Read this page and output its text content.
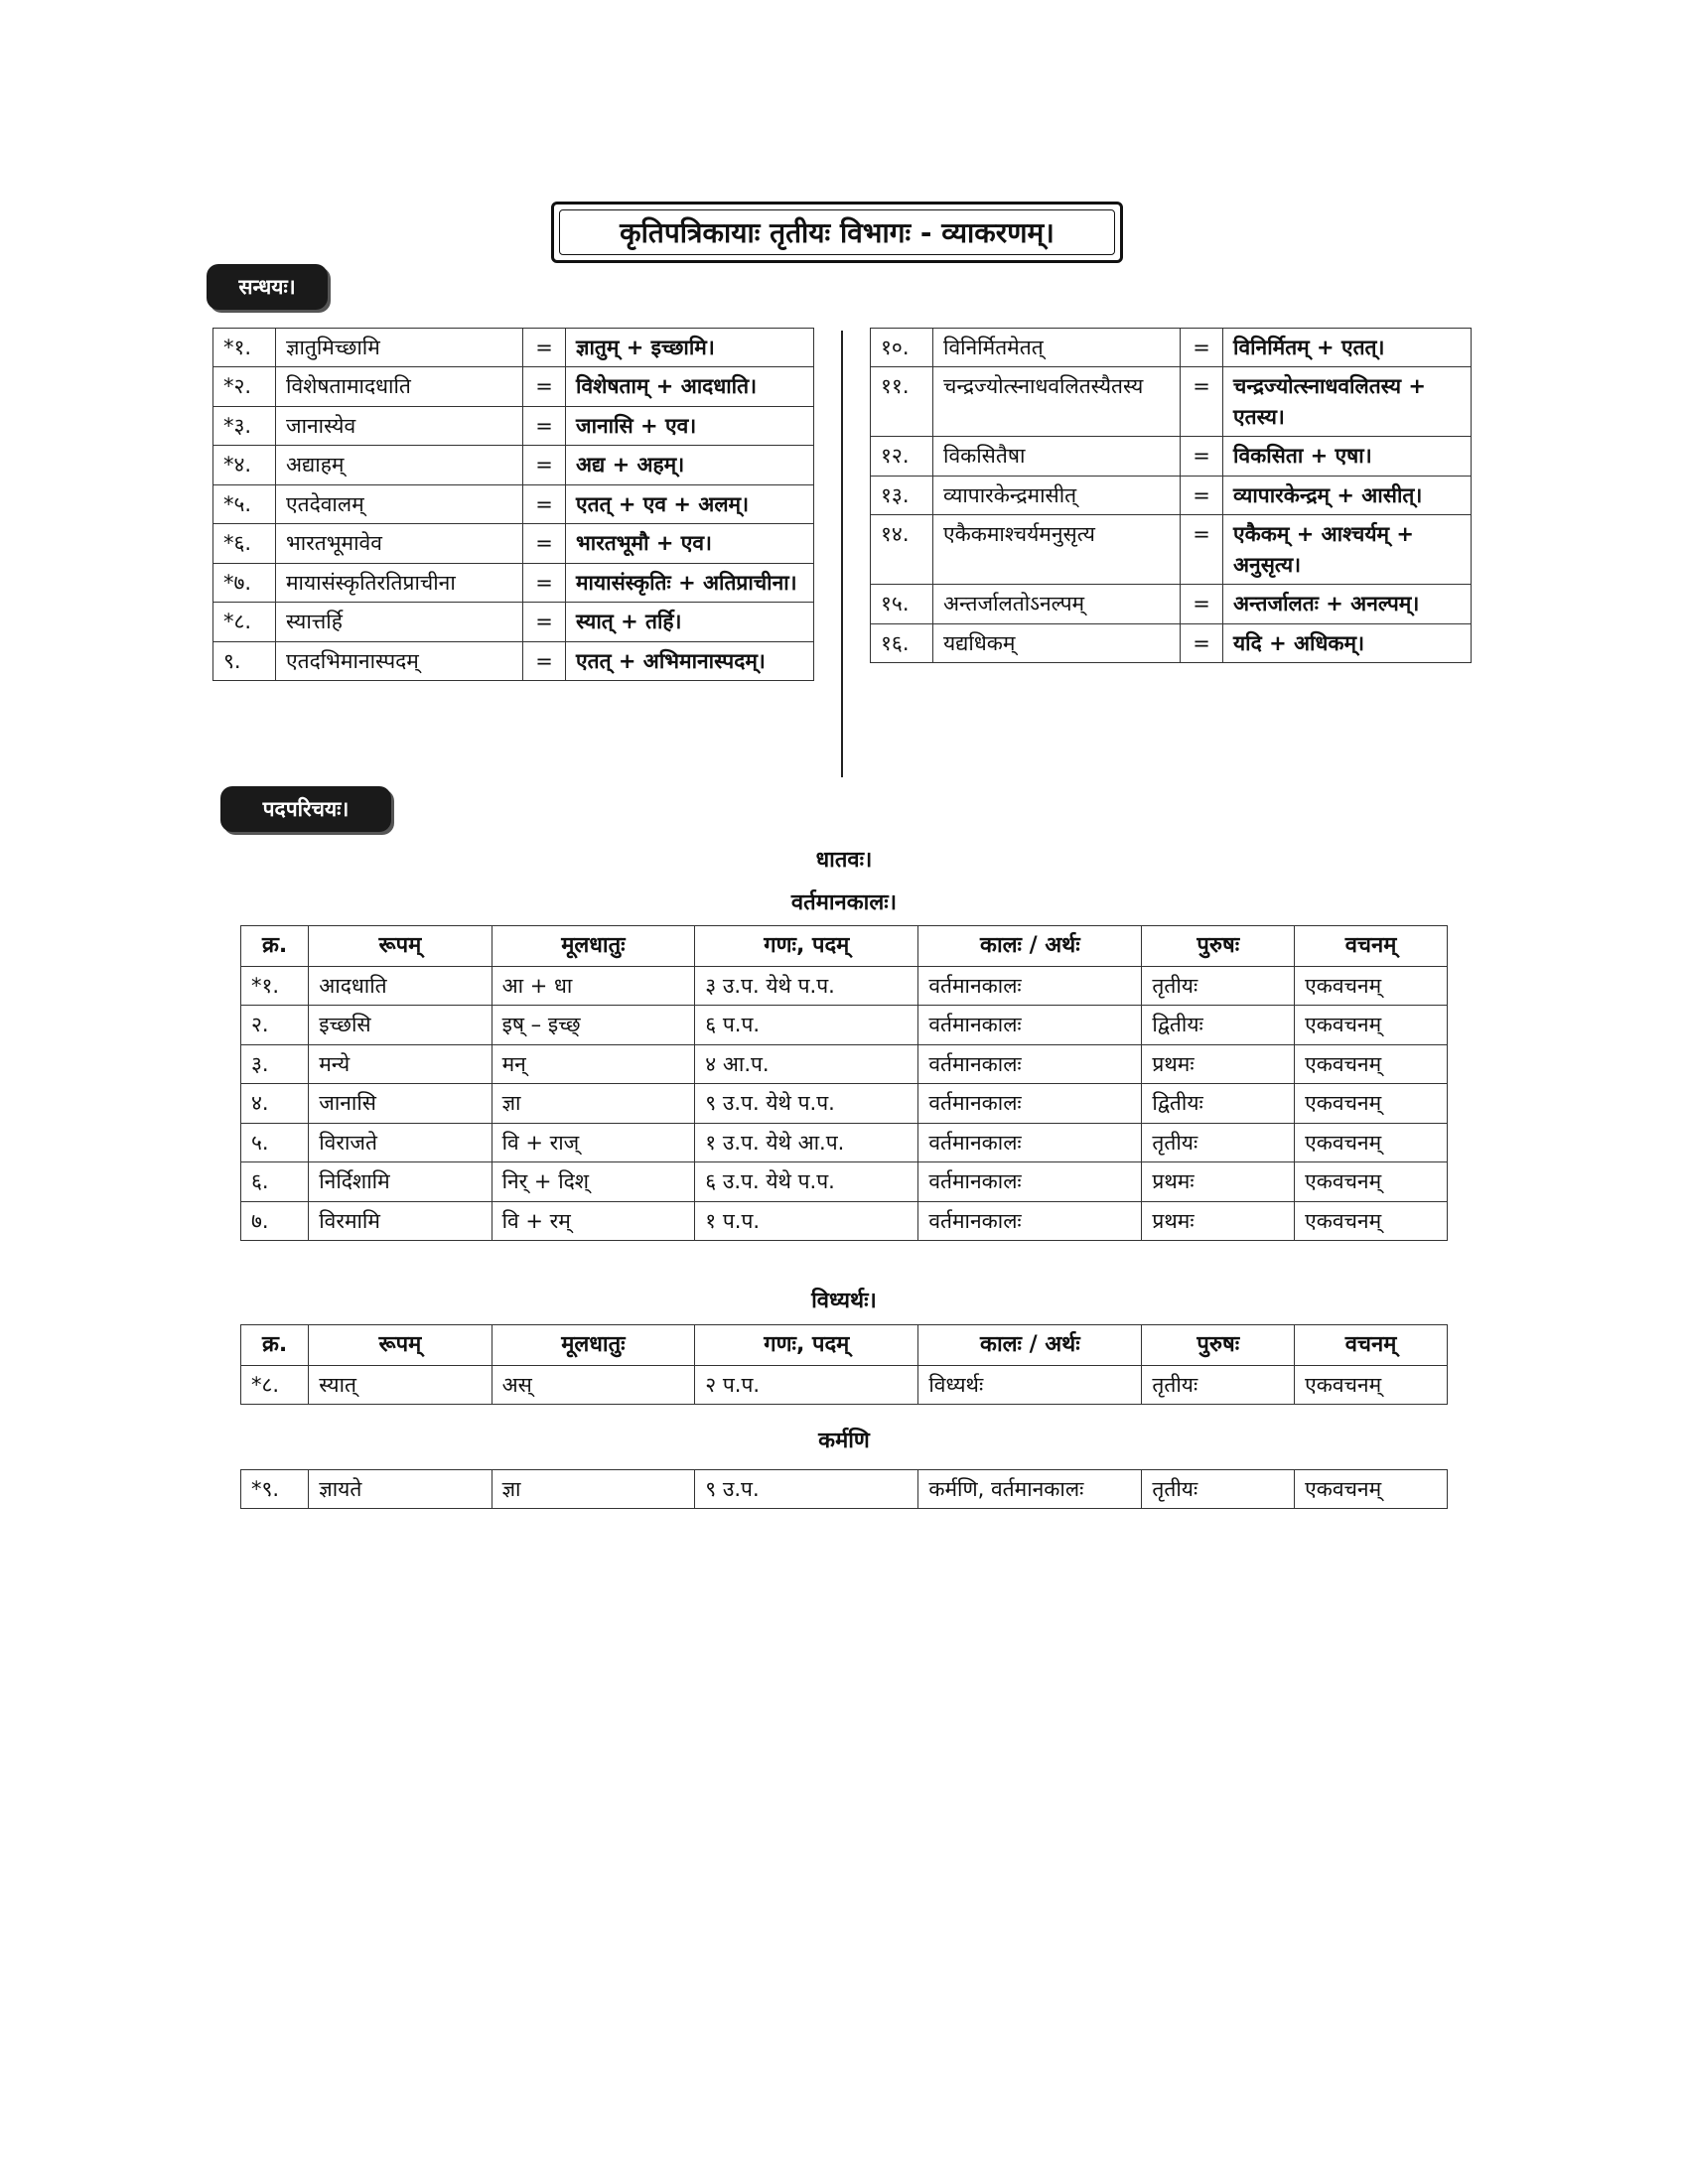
कृतिपत्रिकायाः तृतीयः विभागः - व्याकरणम्।
सन्धयः।
*१.	ज्ञातुमिच्छामि	=	ज्ञातुम् + इच्छामि।
*२.	विशेषतामादधाति	=	विशेषताम् + आदधाति।
*३.	जानास्येव	=	जानासि + एव।
*४.	अद्याहम्	=	अद्य + अहम्।
*५.	एतदेवालम्	=	एतत् + एव + अलम्।
*६.	भारतभूमावेव	=	भारतभूमौ + एव।
*७.	मायासंस्कृतिरतिप्राचीना	=	मायासंस्कृतिः + अतिप्राचीना।
*८.	स्यात्तर्हि	=	स्यात् + तर्हि।
९.	एतदभिमानास्पदम्	=	एतत् + अभिमानास्पदम्।
१०.	विनिर्मितमेतत्	=	विनिर्मितम् + एतत्।
११.	चन्द्रज्योत्स्नाधवलितस्यैतस्य	=	चन्द्रज्योत्स्नाधवलितस्य + एतस्य।
१२.	विकसितैषा	=	विकसिता + एषा।
१३.	व्यापारकेन्द्रमासीत्	=	व्यापारकेन्द्रम् + आसीत्।
१४.	एकैकमाश्चर्यमनुसृत्य	=	एकैकम् + आश्चर्यम् + अनुसृत्य।
१५.	अन्तर्जालतोऽनल्पम्	=	अन्तर्जालतः + अनल्पम्।
१६.	यद्यधिकम्	=	यदि + अधिकम्।
पदपरिचयः।
धातवः।
वर्तमानकालः।
क्र.	रूपम्	मूलधातुः	गणः, पदम्	कालः / अर्थः	पुरुषः	वचनम्
*१.	आदधाति	आ + धा	३ उ.प. येथे प.प.	वर्तमानकालः	तृतीयः	एकवचनम्
२.	इच्छसि	इष् – इच्छ्	६ प.प.	वर्तमानकालः	द्वितीयः	एकवचनम्
३.	मन्ये	मन्	४ आ.प.	वर्तमानकालः	प्रथमः	एकवचनम्
४.	जानासि	ज्ञा	९ उ.प. येथे प.प.	वर्तमानकालः	द्वितीयः	एकवचनम्
५.	विराजते	वि + राज्	१ उ.प. येथे आ.प.	वर्तमानकालः	तृतीयः	एकवचनम्
६.	निर्दिशामि	निर् + दिश्	६ उ.प. येथे प.प.	वर्तमानकालः	प्रथमः	एकवचनम्
७.	विरमामि	वि + रम्	१ प.प.	वर्तमानकालः	प्रथमः	एकवचनम्
विध्यर्थः।
क्र.	रूपम्	मूलधातुः	गणः, पदम्	कालः / अर्थः	पुरुषः	वचनम्
*८.	स्यात्	अस्	२ प.प.	विध्यर्थः	तृतीयः	एकवचनम्
कर्मणि
*९.	ज्ञायते	ज्ञा	९ उ.प.	कर्मणि, वर्तमानकालः	तृतीयः	एकवचनम्
